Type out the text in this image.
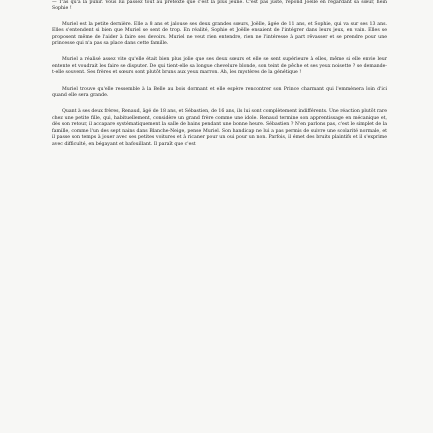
— T'as qu'à la punir. Vous lui passez tout au prétexte que c'est la plus jeune. C'est pas juste, répond Joëlle en regardant sa sœur, hein Sophie !

Muriel est la petite dernière. Elle a 8 ans et jalouse ses deux grandes sœurs, Joëlle, âgée de 11 ans, et Sophie, qui va sur ses 13 ans. Elles s'entendent si bien que Muriel se sent de trop. En réalité, Sophie et Joëlle ensaient de l'intégrer dans leurs jeux, en vain. Elles se proposent même de l'aider à faire ses devoirs. Muriel ne veut rien entendre, rien ne l'intéresse à part rêvasser et se prendre pour une princesse qui n'a pas sa place dans cette famille.

Muriel a réalisé assez vite qu'elle était bien plus jolie que ses deux sœurs et elle se sent supérieure à elles, même si elle envie leur entente et voudrait les faire se disputer. De qui tient-elle sa longue chevelure blonde, son teint de pêche et ses yeux noisette ? se demande-t-elle souvent. Ses frères et sœurs sont plutôt bruns aux yeux marron. Ah, les mystères de la génétique !

Muriel trouve qu'elle ressemble à la Belle au bois dormant et elle espère rencontrer son Prince charmant qui l'emmènera loin d'ici quand elle sera grande.

Quant à ses deux frères, Renaud, âgé de 18 ans, et Sébastien, de 16 ans, ils lui sont complètement indifférents. Une réaction plutôt rare chez une petite fille, qui, habituellement, considère un grand frère comme une idole. Renaud termine son apprentissage en mécanique et, dès son retour, il accapare systématiquement la salle de bains pendant une bonne heure. Sébastien ? N'en parlons pas, c'est le simplet de la famille, comme l'un des sept nains dans Blanche-Neige, pense Muriel. Son handicap ne lui a pas permis de suivre une scolarité normale, et il passe son temps à jouer avec ses petites voitures et à ricaner pour un oui pour un non. Parfois, il émet des bruits plaintifs et il s'exprime avec difficulté, en bégayant et bafouillant. Il paraît que c'est
